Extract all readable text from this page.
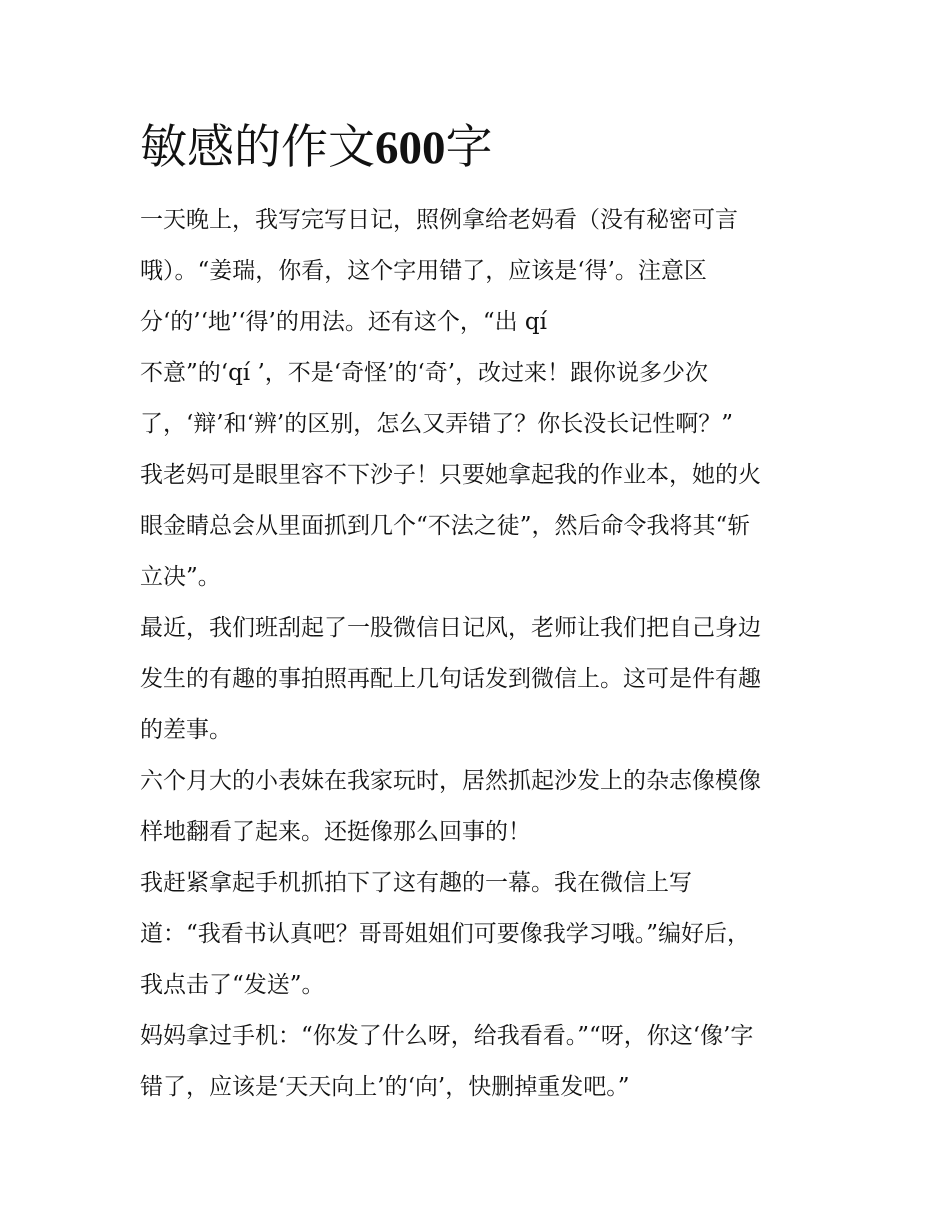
敏感的作文600字

一天晚上，我写完写日记，照例拿给老妈看（没有秘密可言

哦）。“姜瑞，你看，这个字用错了，应该是‘得’。注意区

分‘的’‘地’‘得’的用法。还有这个，“出 qí

不意”的‘qí ’，不是‘奇怪’的‘奇’，改过来！跟你说多少次

了，‘辩’和‘辨’的区别，怎么又弄错了？你长没长记性啊？”

我老妈可是眼里容不下沙子！只要她拿起我的作业本，她的火

眼金睛总会从里面抓到几个“不法之徒”，然后命令我将其“斩

立决”。

最近，我们班刮起了一股微信日记风，老师让我们把自己身边

发生的有趣的事拍照再配上几句话发到微信上。这可是件有趣

的差事。

六个月大的小表妹在我家玩时，居然抓起沙发上的杂志像模像

样地翻看了起来。还挺像那么回事的！

我赶紧拿起手机抓拍下了这有趣的一幕。我在微信上写

道：“我看书认真吧？哥哥姐姐们可要像我学习哦。”编好后，

我点击了“发送”。

妈妈拿过手机：“你发了什么呀，给我看看。”“呀，你这‘像’字

错了，应该是‘天天向上’的‘向’，快删掉重发吧。”
